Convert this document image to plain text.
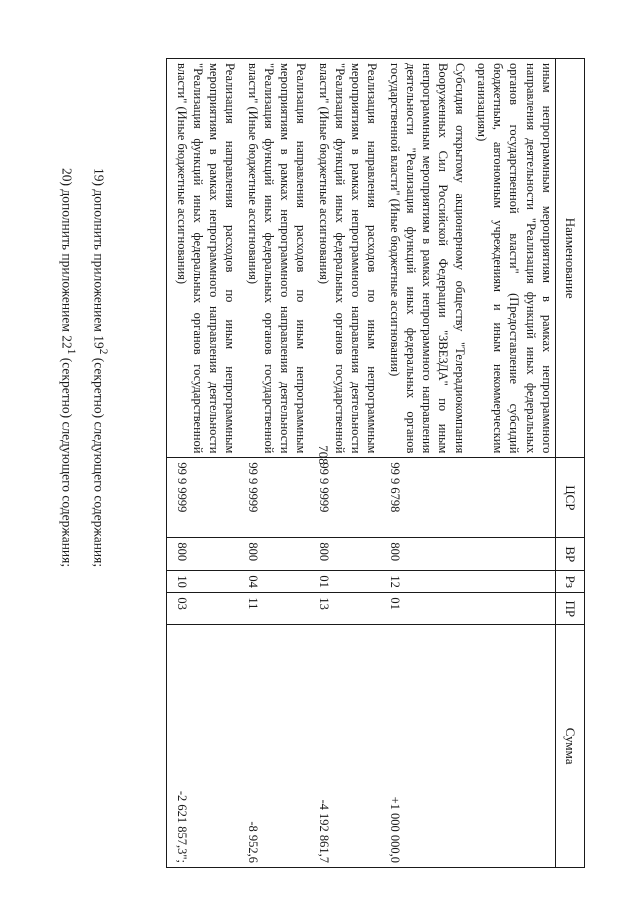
708
Наименование	ЦСР	ВР	Рз	ПР	Сумма
иным непрограммным мероприятиям в рамках непрограммного направления деятельности "Реализация функций иных федеральных органов государственной власти" (Предоставление субсидий бюджетным, автономным учреждениям и иным некоммерческим организациям)					
Субсидия открытому акционерному обществу "Телерадиокомпания Вооруженных Сил Российской Федерации "ЗВЕЗДА" по иным непрограммным мероприятиям в рамках непрограммного направления деятельности "Реализация функций иных федеральных органов государственной власти" (Иные бюджетные ассигнования)	99 9 6798	800	12	01	+1 000 000,0
Реализация направления расходов по иным непрограммным мероприятиям в рамках непрограммного направления деятельности "Реализация функций иных федеральных органов государственной власти" (Иные бюджетные ассигнования)	99 9 9999	800	01	13	-4 192 861,7
Реализация направления расходов по иным непрограммным мероприятиям в рамках непрограммного направления деятельности "Реализация функций иных федеральных органов государственной власти" (Иные бюджетные ассигнования)	99 9 9999	800	04	11	-8 952,6
Реализация направления расходов по иным непрограммным мероприятиям в рамках непрограммного направления деятельности "Реализация функций иных федеральных органов государственной власти" (Иные бюджетные ассигнования)	99 9 9999	800	10	03	-2 621 857,3";
19) дополнить приложением $19^2$ (секретно) следующего содержания;
20) дополнить приложением $22^1$ (секретно) следующего содержания;
